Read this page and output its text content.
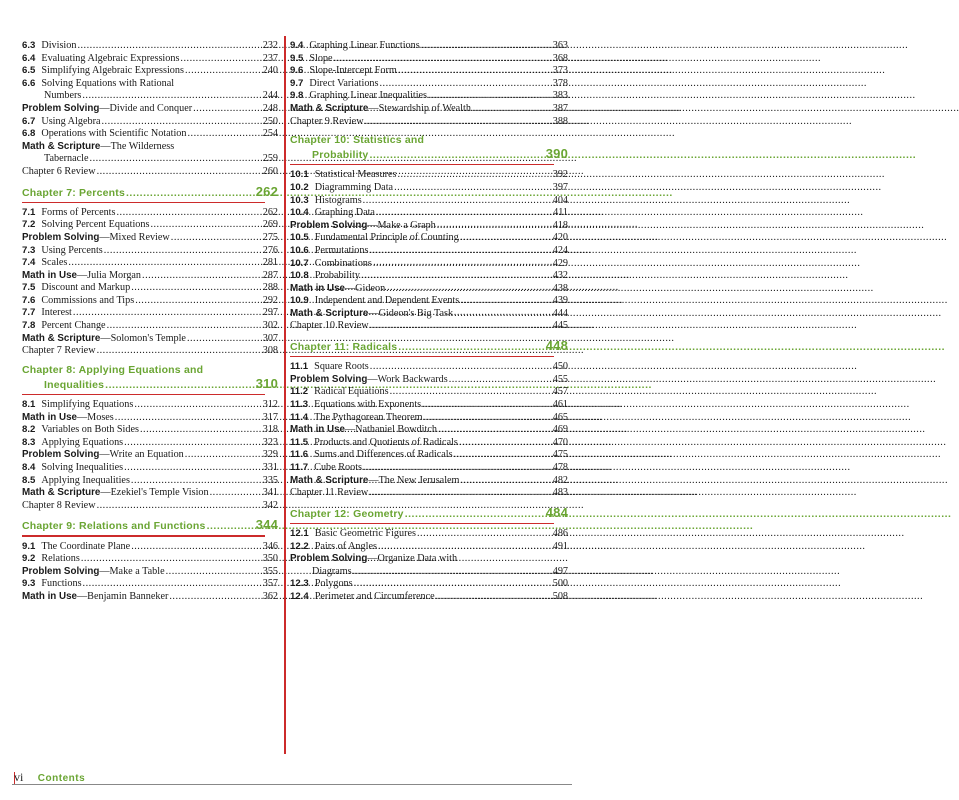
6.3 Division .....	232
6.4 Evaluating Algebraic Expressions .....	237
6.5 Simplifying Algebraic Expressions .....	240
6.6 Solving Equations with Rational
Numbers .....	244
Problem Solving—Divide and Conquer .....	248
6.7 Using Algebra .....	250
6.8 Operations with Scientific Notation .....	254
Math & Scripture—The Wilderness
Tabernacle .....	259
Chapter 6 Review .....	260
Chapter 7: Percents .....	262
7.1 Forms of Percents .....	262
7.2 Solving Percent Equations .....	269
Problem Solving—Mixed Review .....	275
7.3 Using Percents .....	276
7.4 Scales .....	281
Math in Use—Julia Morgan .....	287
7.5 Discount and Markup .....	288
7.6 Commissions and Tips .....	292
7.7 Interest .....	297
7.8 Percent Change .....	302
Math & Scripture—Solomon's Temple .....	307
Chapter 7 Review .....	308
Chapter 8: Applying Equations and
Inequalities .....	310
8.1 Simplifying Equations .....	312
Math in Use—Moses .....	317
8.2 Variables on Both Sides .....	318
8.3 Applying Equations .....	323
Problem Solving—Write an Equation .....	329
8.4 Solving Inequalities .....	331
8.5 Applying Inequalities .....	335
Math & Scripture—Ezekiel's Temple Vision .....	341
Chapter 8 Review .....	342
Chapter 9: Relations and Functions .....	344
9.1 The Coordinate Plane .....	346
9.2 Relations .....	350
Problem Solving—Make a Table .....	355
9.3 Functions .....	357
Math in Use—Benjamin Banneker .....	362
9.4 Graphing Linear Functions .....	363
9.5 Slope .....	368
9.6 Slope-Intercept Form .....	373
9.7 Direct Variations .....	378
9.8 Graphing Linear Inequalities .....	383
Math & Scripture—Stewardship of Wealth .....	387
Chapter 9 Review .....	388
Chapter 10: Statistics and
Probability .....	390
10.1 Statistical Measures .....	392
10.2 Diagramming Data .....	397
10.3 Histograms .....	404
10.4 Graphing Data .....	411
Problem Solving—Make a Graph .....	418
10.5 Fundamental Principle of Counting .....	420
10.6 Permutations .....	424
10.7 Combinations .....	429
10.8 Probability .....	432
Math in Use—Gideon .....	438
10.9 Independent and Dependent Events .....	439
Math & Scripture—Gideon's Big Task .....	444
Chapter 10 Review .....	445
Chapter 11: Radicals .....	448
11.1 Square Roots .....	450
Problem Solving—Work Backwards .....	455
11.2 Radical Equations .....	457
11.3 Equations with Exponents .....	461
11.4 The Pythagorean Theorem .....	465
Math in Use—Nathaniel Bowditch .....	469
11.5 Products and Quotients of Radicals .....	470
11.6 Sums and Differences of Radicals .....	475
11.7 Cube Roots .....	478
Math & Scripture—The New Jerusalem .....	482
Chapter 11 Review .....	483
Chapter 12: Geometry .....	484
12.1 Basic Geometric Figures .....	486
12.2 Pairs of Angles .....	491
Problem Solving—Organize Data with
Diagrams .....	497
12.3 Polygons .....	500
12.4 Perimeter and Circumference .....	508
vi Contents
